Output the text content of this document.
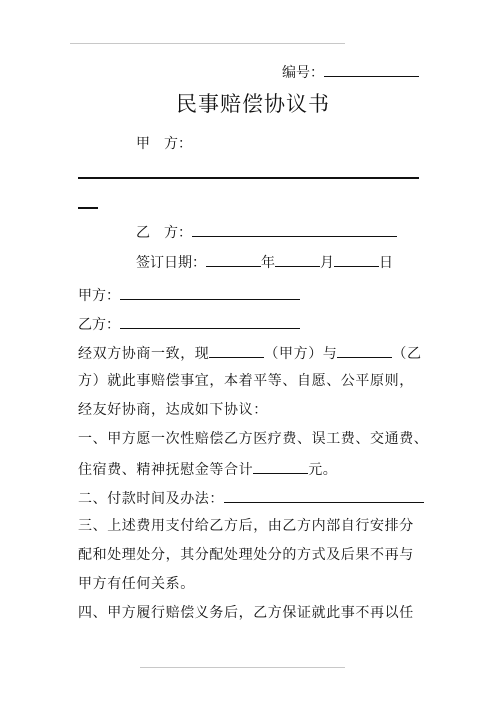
编号：
民事赔偿协议书
甲　方：
乙　方：
签订日期：	年	月	日
甲方：
乙方：
经双方协商一致，现	（甲方）与	（乙
方）就此事赔偿事宜，本着平等、自愿、公平原则，
经友好协商，达成如下协议：
一、甲方愿一次性赔偿乙方医疗费、误工费、交通费、
住宿费、精神抚慰金等合计	元。
二、付款时间及办法：
三、上述费用支付给乙方后，由乙方内部自行安排分
配和处理处分，其分配处理处分的方式及后果不再与
甲方有任何关系。
四、甲方履行赔偿义务后，乙方保证就此事不再以任
